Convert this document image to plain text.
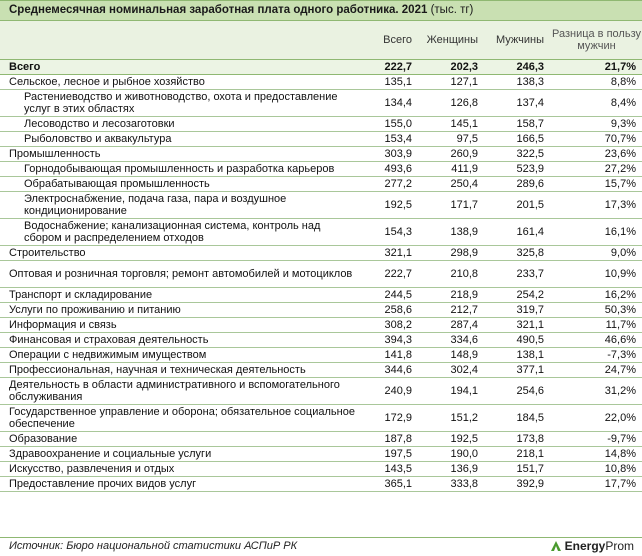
Среднемесячная номинальная заработная плата одного работника. 2021 (тыс. тг)
	Всего	Женщины	Мужчины	Разница в пользу мужчин
Всего	222,7	202,3	246,3	21,7%
Сельское, лесное и рыбное хозяйство	135,1	127,1	138,3	8,8%
Растениеводство и животноводство, охота и предоставление услуг в этих областях	134,4	126,8	137,4	8,4%
Лесоводство и лесозаготовки	155,0	145,1	158,7	9,3%
Рыболовство и аквакультура	153,4	97,5	166,5	70,7%
Промышленность	303,9	260,9	322,5	23,6%
Горнодобывающая промышленность и разработка карьеров	493,6	411,9	523,9	27,2%
Обрабатывающая промышленность	277,2	250,4	289,6	15,7%
Электроснабжение, подача газа, пара и воздушное кондиционирование	192,5	171,7	201,5	17,3%
Водоснабжение; канализационная система, контроль над сбором и распределением отходов	154,3	138,9	161,4	16,1%
Строительство	321,1	298,9	325,8	9,0%
Оптовая и розничная торговля; ремонт автомобилей и мотоциклов	222,7	210,8	233,7	10,9%
Транспорт и складирование	244,5	218,9	254,2	16,2%
Услуги по проживанию и питанию	258,6	212,7	319,7	50,3%
Информация и связь	308,2	287,4	321,1	11,7%
Финансовая и страховая деятельность	394,3	334,6	490,5	46,6%
Операции с недвижимым имуществом	141,8	148,9	138,1	-7,3%
Профессиональная, научная и техническая деятельность	344,6	302,4	377,1	24,7%
Деятельность в области административного и вспомогательного обслуживания	240,9	194,1	254,6	31,2%
Государственное управление и оборона; обязательное социальное обеспечение	172,9	151,2	184,5	22,0%
Образование	187,8	192,5	173,8	-9,7%
Здравоохранение и социальные услуги	197,5	190,0	218,1	14,8%
Искусство, развлечения и отдых	143,5	136,9	151,7	10,8%
Предоставление прочих видов услуг	365,1	333,8	392,9	17,7%
Источник: Бюро национальной статистики АСПиР РК	EnergyProm
